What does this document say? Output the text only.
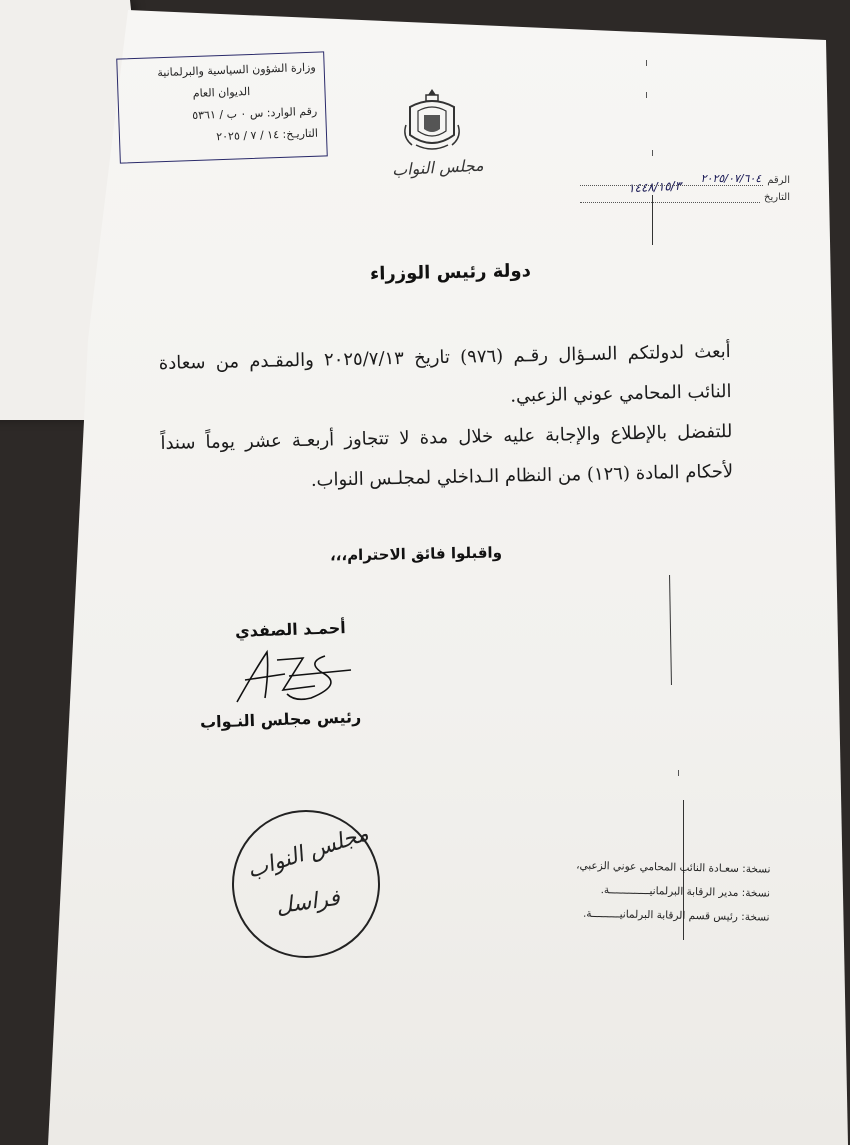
وزارة الشؤون السياسية والبرلمانية
الديوان العام
رقم الوارد: س ٠ ب / ٥٣٦١
التاريـخ: ١٤ / ٧ / ٢٠٢٥
مجلس النواب
١٤٤٨/١٥/٣	الرقم
٢٠٢٥/٠٧/٦٠٤
التاريخ
دولة رئيس الوزراء

أبعث لدولتكم السـؤال رقـم (٩٧٦) تاريخ ٢٠٢٥/٧/١٣ والمقـدم من سعادة النائب المحامي عوني الزعبي.

للتفضل بالإطلاع والإجابة عليه خلال مدة لا تتجاوز أربعـة عشر يوماً سنداً لأحكام المادة (١٢٦) من النظام الـداخلي لمجلـس النواب.

واقبلوا فائق الاحترام،،،
أحمـد الصفدي
رئيس مجلس النـواب
مجلس النواب
فراسل
نسخة: سعـادة النائب المحامي عوني الزعبي،
نسخة: مدير الرقابة البرلمانيـــــــــــــة.
نسخة: رئيس قسم الرقابة البرلمانيـــــــــة.
